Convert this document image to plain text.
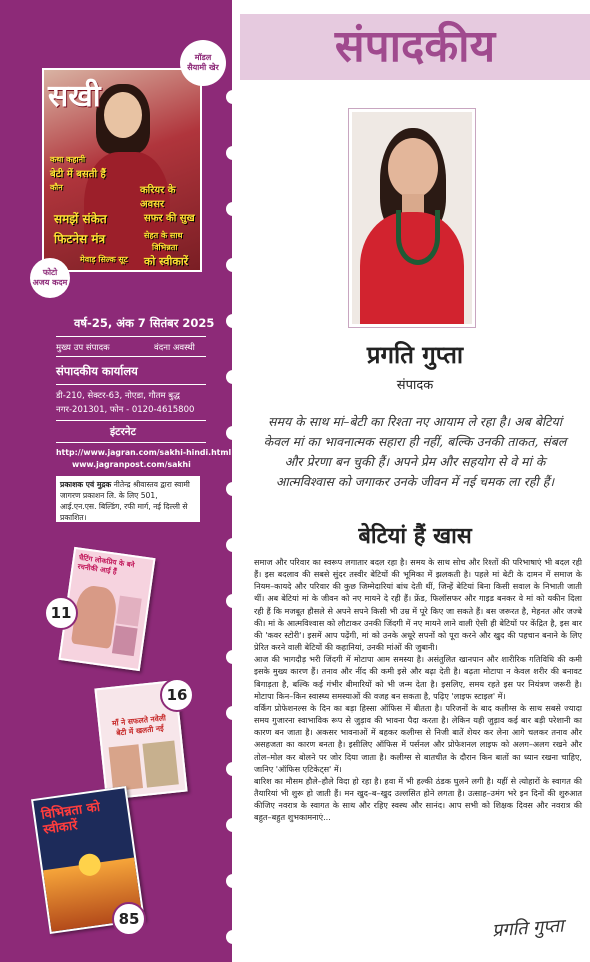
सखी
कथा कहानी
बेटी में बसती हैं
कौन	करियर के अवसर
समझें संकेत	सफर की सुख
फिटनेस मंत्र	सेहत के साथ
विभिन्नता
को स्वीकारें
मेवाड़ सिल्क सूट
मॉडल
सैयामी खेर
फोटो
अजय कदम
वर्ष-25, अंक 7 सितंबर 2025
मुख्य उप संपादक	वंदना अवस्थी
संपादकीय कार्यालय
डी-210, सेक्टर-63, नोएडा, गौतम बुद्ध
नगर-201301, फोन - 0120-4615800
इंटरनेट
http://www.jagran.com/sakhi-hindi.html
www.jagranpost.com/sakhi
प्रकाशक एवं मुद्रक नीतेन्द्र श्रीवास्तव द्वारा स्वामी जागरण प्रकाशन लि. के लिए 501, आई.एन.एस. बिल्डिंग, रफी मार्ग, नई दिल्ली से प्रकाशित।
चैटिंग लोकप्रिय के बने रचनीकी आई हैं
11
माँ ने सफलते नवेली बेटी में खलती नई
16
विभिन्नता को स्वीकारें
85
संपादकीय
प्रगति गुप्ता
संपादक
समय के साथ मां–बेटी का रिश्ता नए आयाम ले रहा है। अब बेटियां केवल मां का भावनात्मक सहारा ही नहीं, बल्कि उनकी ताकत, संबल और प्रेरणा बन चुकी हैं। अपने प्रेम और सहयोग से वे मां के आत्मविश्वास को जगाकर उनके जीवन में नई चमक ला रही हैं।
बेटियां हैं खास

समाज और परिवार का स्वरूप लगातार बदल रहा है। समय के साथ सोच और रिश्तों की परिभाषाएं भी बदल रही हैं। इस बदलाव की सबसे सुंदर तस्वीर बेटियों की भूमिका में झलकती है। पहले मां बेटी के दामन में समाज के नियम–कायदे और परिवार की कुछ जिम्मेदारियां बांध देती थीं, जिन्हें बेटियां बिना किसी सवाल के निभाती जाती थीं। अब बेटियां मां के जीवन को नए मायने दे रही हैं। फ्रेंड, फिलॉसफर और गाइड बनकर वे मां को यकीन दिला रही हैं कि मजबूत हौसले से अपने सपने किसी भी उम्र में पूरे किए जा सकते हैं। बस जरूरत है, मेहनत और जज्बे की। मां के आत्मविश्वास को लौटाकर उनकी जिंदगी में नए मायने लाने वाली ऐसी ही बेटियों पर केंद्रित है, इस बार की 'कवर स्टोरी'। इसमें आप पढ़ेंगी, मां को उनके अधूरे सपनों को पूरा करने और खुद की पहचान बनाने के लिए प्रेरित करने वाली बेटियों की कहानियां, उनकी मांओं की जुबानी।

आज की भागदौड़ भरी जिंदगी में मोटापा आम समस्या है। असंतुलित खानपान और शारीरिक गतिविधि की कमी इसके मुख्य कारण हैं। तनाव और नींद की कमी इसे और बढ़ा देती है। बढ़ता मोटापा न केवल शरीर की बनावट बिगाड़ता है, बल्कि कई गंभीर बीमारियों को भी जन्म देता है। इसलिए, समय रहते इस पर नियंत्रण जरूरी है। मोटापा किन–किन स्वास्थ्य समस्याओं की वजह बन सकता है, पढ़िए 'लाइफ स्टाइल' में।

वर्किंग प्रोफेशनल्स के दिन का बड़ा हिस्सा ऑफिस में बीतता है। परिजनों के बाद कलीग्स के साथ सबसे ज्यादा समय गुजारना स्वाभाविक रूप से जुड़ाव की भावना पैदा करता है। लेकिन यही जुड़ाव कई बार बड़ी परेशानी का कारण बन जाता है। अकसर भावनाओं में बहकर कलीग्स से निजी बातें शेयर कर लेना आगे चलकर तनाव और असहजता का कारण बनता है। इसीलिए ऑफिस में पर्सनल और प्रोफेशनल लाइफ को अलग–अलग रखने और तोल–मोल कर बोलने पर जोर दिया जाता है। कलीग्स से बातचीत के दौरान किन बातों का ध्यान रखना चाहिए, जानिए 'ऑफिस एटिकेट्स' में।

बारिश का मौसम हौले–हौले विदा हो रहा है। हवा में भी हल्की ठंडक घुलने लगी है। यहीं से त्योहारों के स्वागत की तैयारियां भी शुरू हो जाती हैं। मन खुद–ब–खुद उल्लसित होने लगता है। उत्साह–उमंग भरे इन दिनों की शुरुआत कीजिए नवरात्र के स्वागत के साथ और रहिए स्वस्थ और सानंद। आप सभी को शिक्षक दिवस और नवरात्र की बहुत–बहुत शुभकामनाएं...

प्रगति गुप्ता
